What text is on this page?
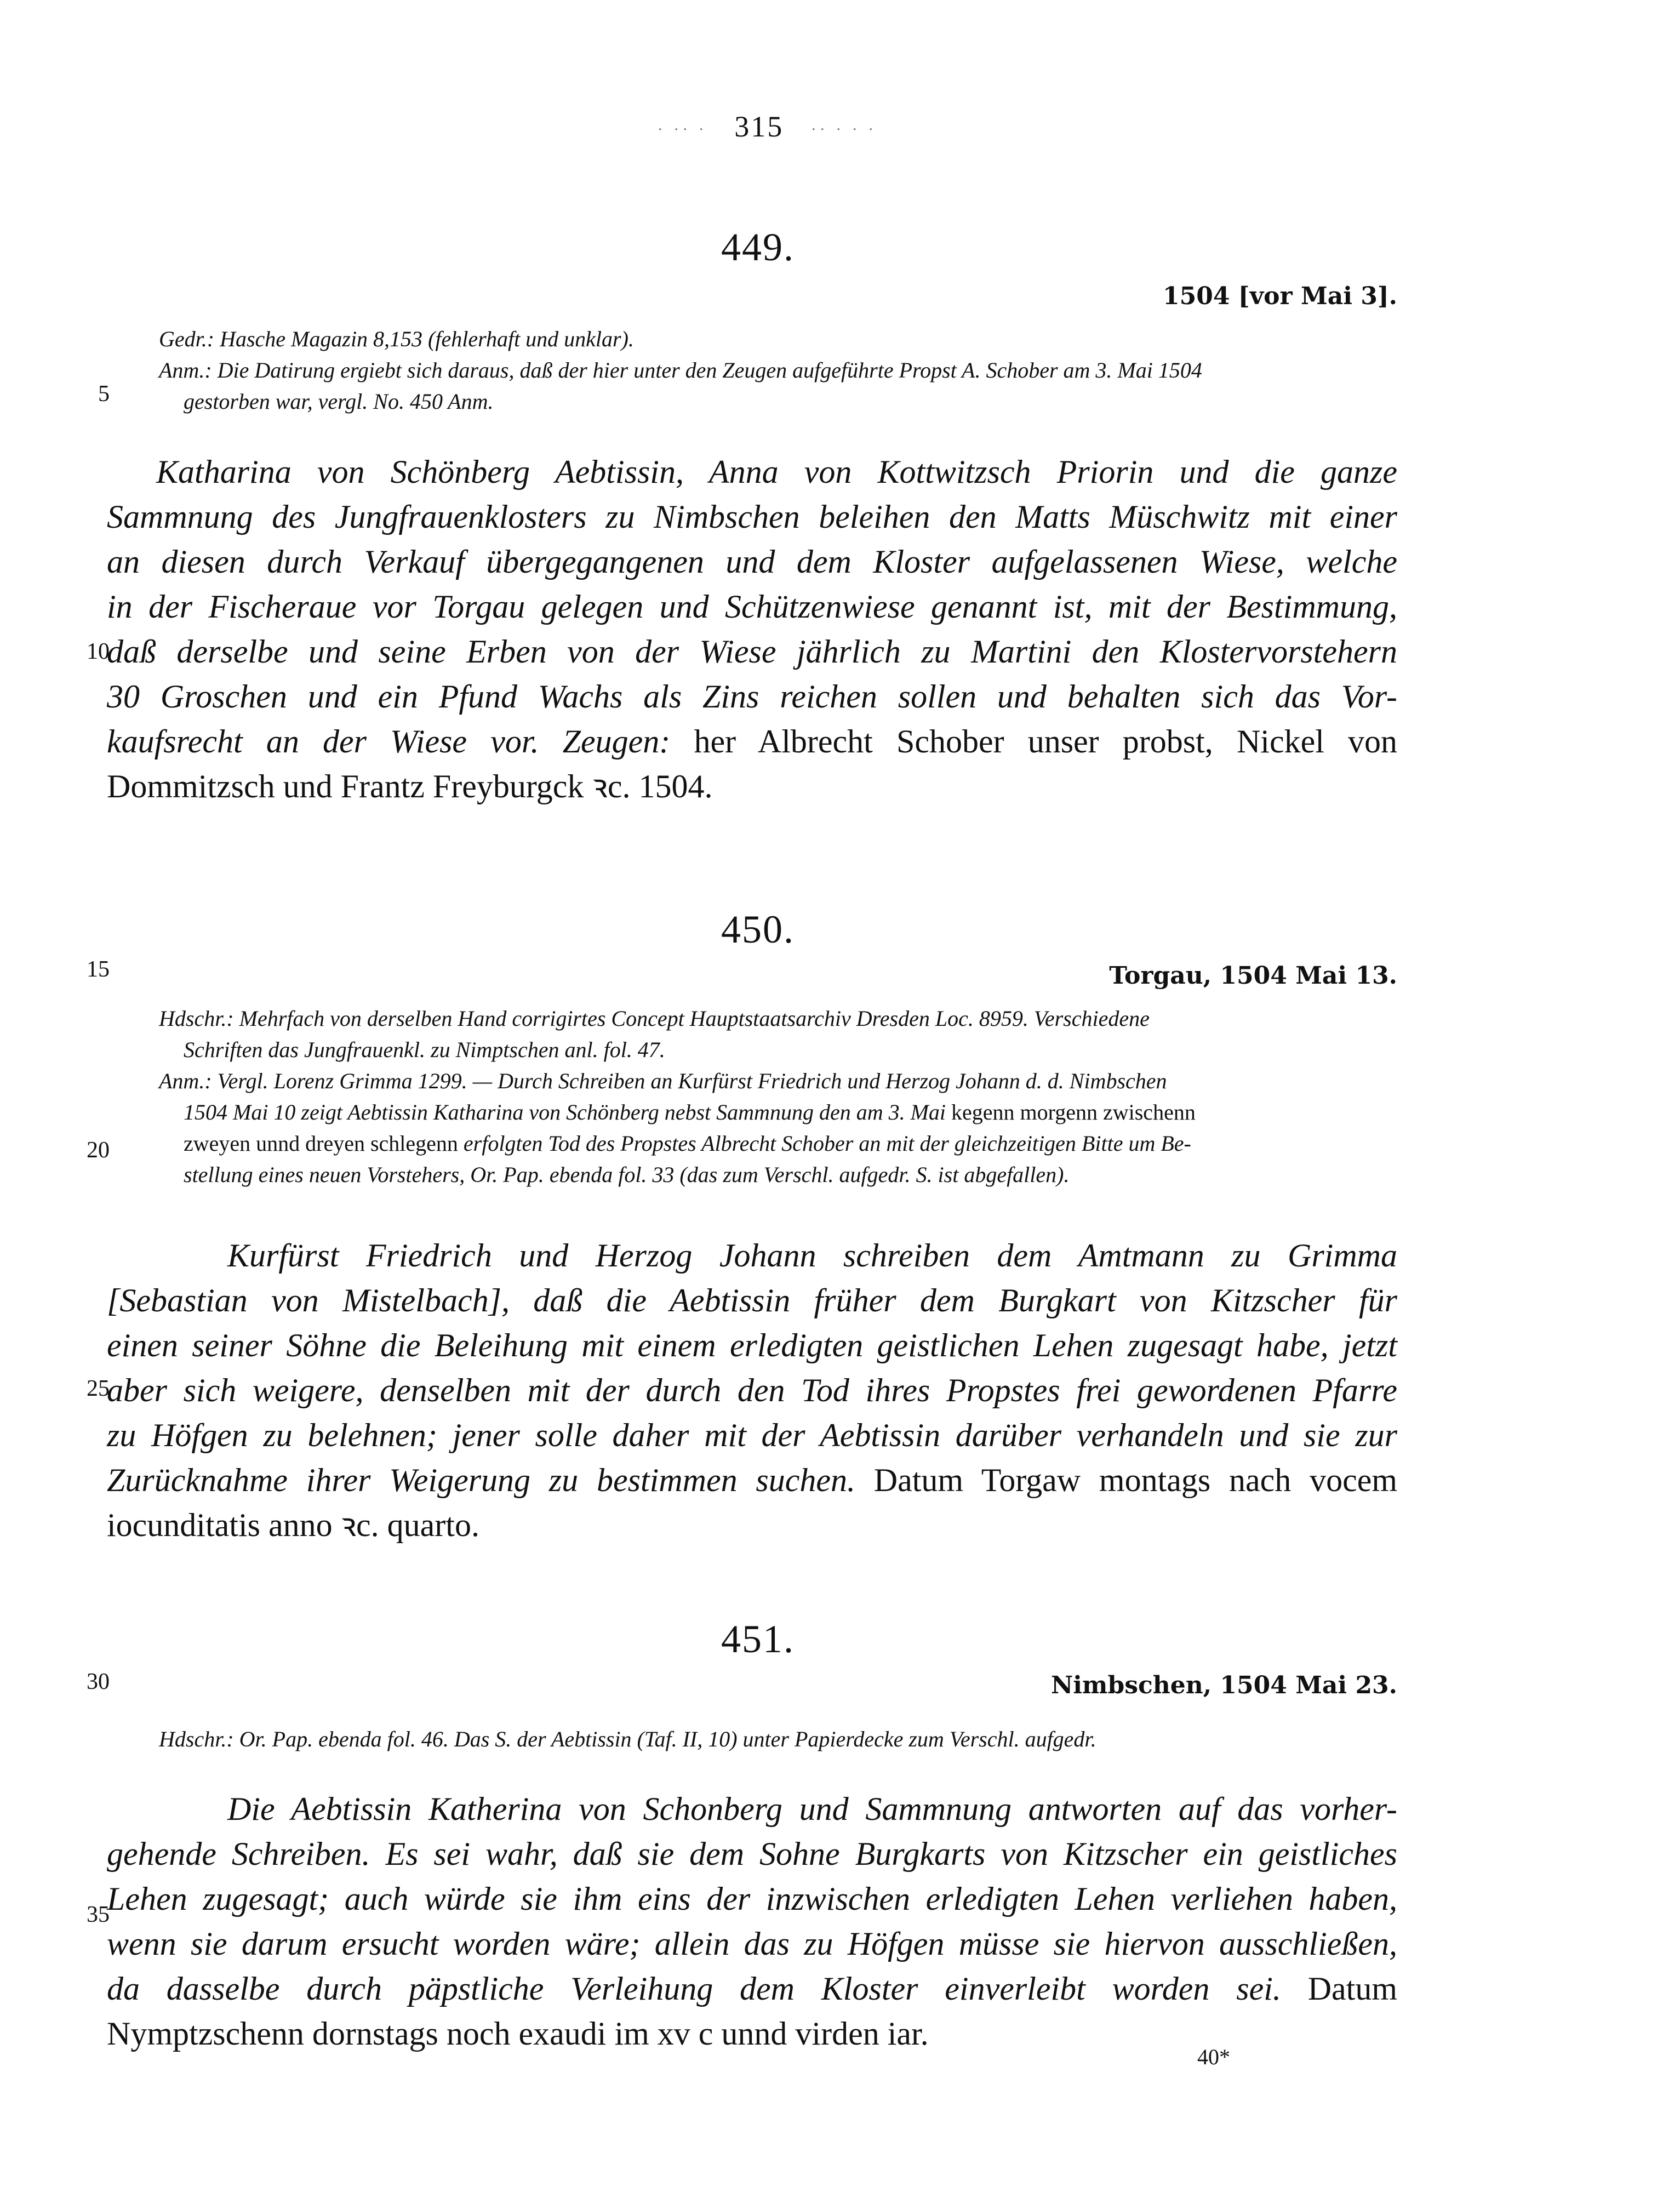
· ·· · 315 ·· · · ·
5
10
15
20
25
30
35
449.
1504 [vor Mai 3].

Gedr.: Hasche Magazin 8,153 (fehlerhaft und unklar).

Anm.: Die Datirung ergiebt sich daraus, daß der hier unter den Zeugen aufgeführte Propst A. Schober am 3. Mai 1504

gestorben war, vergl. No. 450 Anm.

Katharina von Schönberg Aebtissin, Anna von Kottwitzsch Priorin und die ganze
Sammnung des Jungfrauenklosters zu Nimbschen beleihen den Matts Müschwitz mit einer
an diesen durch Verkauf übergegangenen und dem Kloster aufgelassenen Wiese, welche
in der Fischeraue vor Torgau gelegen und Schützenwiese genannt ist, mit der Bestimmung,
daß derselbe und seine Erben von der Wiese jährlich zu Martini den Klostervorstehern
30 Groschen und ein Pfund Wachs als Zins reichen sollen und behalten sich das Vor-
kaufsrecht an der Wiese vor. Zeugen: her Albrecht Schober unser probst, Nickel von
Dommitzsch und Frantz Freyburgck ꝛc. 1504.
450.
Torgau, 1504 Mai 13.

Hdschr.: Mehrfach von derselben Hand corrigirtes Concept Hauptstaatsarchiv Dresden Loc. 8959. Verschiedene

Schriften das Jungfrauenkl. zu Nimptschen anl. fol. 47.

Anm.: Vergl. Lorenz Grimma 1299. — Durch Schreiben an Kurfürst Friedrich und Herzog Johann d. d. Nimbschen

1504 Mai 10 zeigt Aebtissin Katharina von Schönberg nebst Sammnung den am 3. Mai kegenn morgenn zwischenn

zweyen unnd dreyen schlegenn erfolgten Tod des Propstes Albrecht Schober an mit der gleichzeitigen Bitte um Be-

stellung eines neuen Vorstehers, Or. Pap. ebenda fol. 33 (das zum Verschl. aufgedr. S. ist abgefallen).

Kurfürst Friedrich und Herzog Johann schreiben dem Amtmann zu Grimma
[Sebastian von Mistelbach], daß die Aebtissin früher dem Burgkart von Kitzscher für
einen seiner Söhne die Beleihung mit einem erledigten geistlichen Lehen zugesagt habe, jetzt
aber sich weigere, denselben mit der durch den Tod ihres Propstes frei gewordenen Pfarre
zu Höfgen zu belehnen; jener solle daher mit der Aebtissin darüber verhandeln und sie zur
Zurücknahme ihrer Weigerung zu bestimmen suchen. Datum Torgaw montags nach vocem
iocunditatis anno ꝛc. quarto.
451.
Nimbschen, 1504 Mai 23.

Hdschr.: Or. Pap. ebenda fol. 46. Das S. der Aebtissin (Taf. II, 10) unter Papierdecke zum Verschl. aufgedr.

Die Aebtissin Katherina von Schonberg und Sammnung antworten auf das vorher-
gehende Schreiben. Es sei wahr, daß sie dem Sohne Burgkarts von Kitzscher ein geistliches
Lehen zugesagt; auch würde sie ihm eins der inzwischen erledigten Lehen verliehen haben,
wenn sie darum ersucht worden wäre; allein das zu Höfgen müsse sie hiervon ausschließen,
da dasselbe durch päpstliche Verleihung dem Kloster einverleibt worden sei. Datum
Nymptzschenn dornstags noch exaudi im xv c unnd virden iar.
40*
